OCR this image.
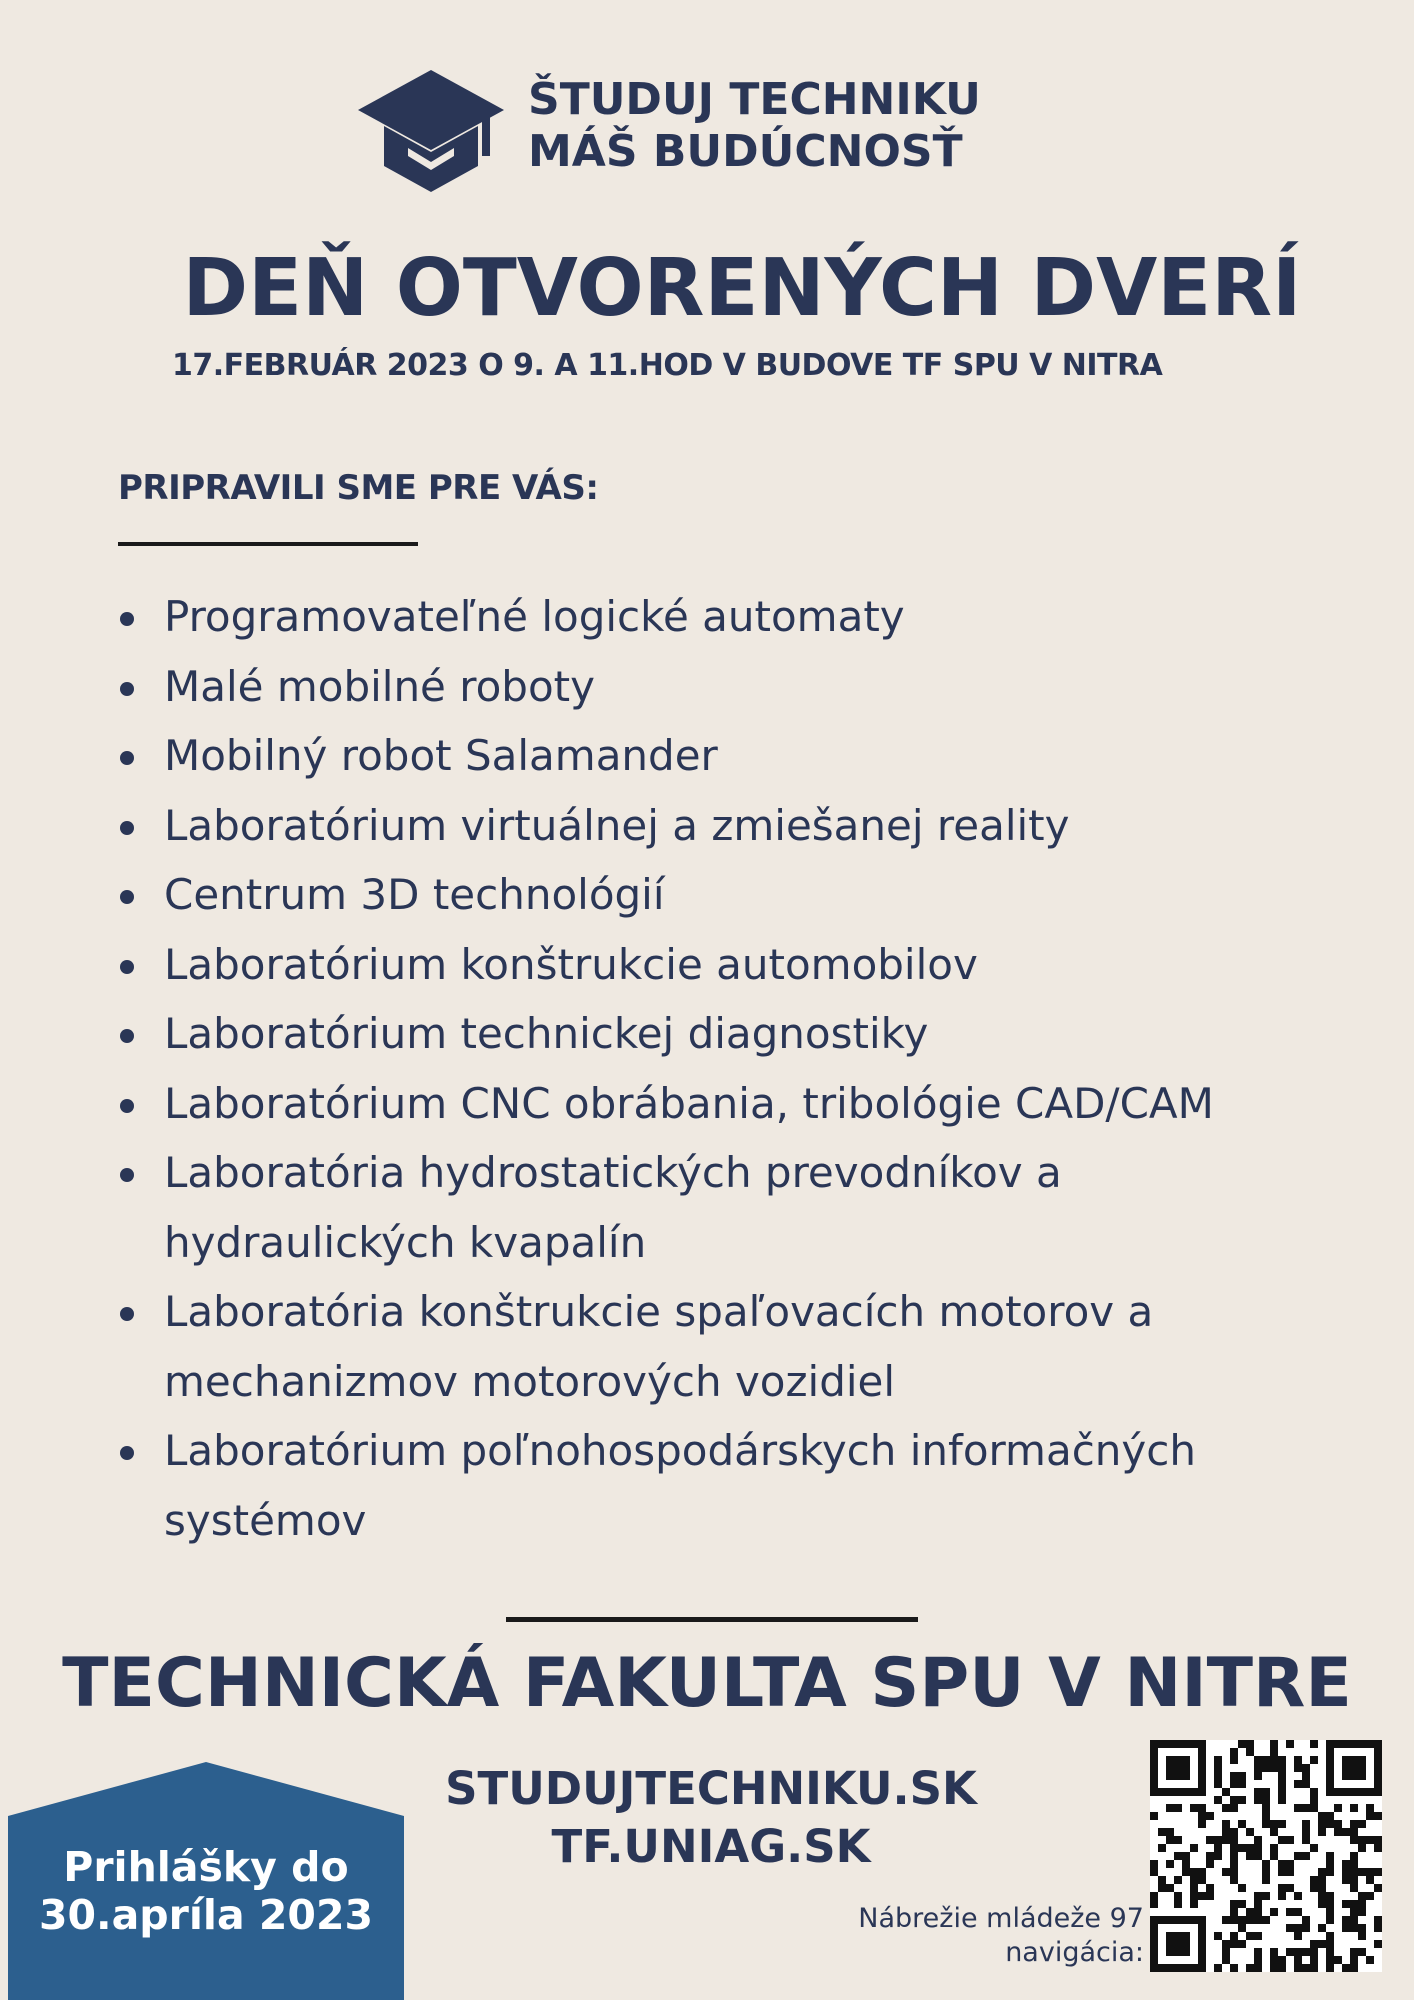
ŠTUDUJ TECHNIKU
MÁŠ BUDÚCNOSŤ
DEŇ OTVORENÝCH DVERÍ
17.FEBRUÁR 2023 O 9. A 11.HOD V BUDOVE TF SPU V NITRA
PRIPRAVILI SME PRE VÁS:
Programovateľné logické automaty
Malé mobilné roboty
Mobilný robot Salamander
Laboratórium virtuálnej a zmiešanej reality
Centrum 3D technológií
Laboratórium konštrukcie automobilov
Laboratórium technickej diagnostiky
Laboratórium CNC obrábania, tribológie CAD/CAM
Laboratória hydrostatických prevodníkov a hydraulických kvapalín
Laboratória konštrukcie spaľovacích motorov a mechanizmov motorových vozidiel
Laboratórium poľnohospodárskych informačných systémov
TECHNICKÁ FAKULTA SPU V NITRE
STUDUJTECHNIKU.SK
TF.UNIAG.SK
Prihlášky do
30.apríla 2023	Nábrežie mládeže 97
navigácia:
